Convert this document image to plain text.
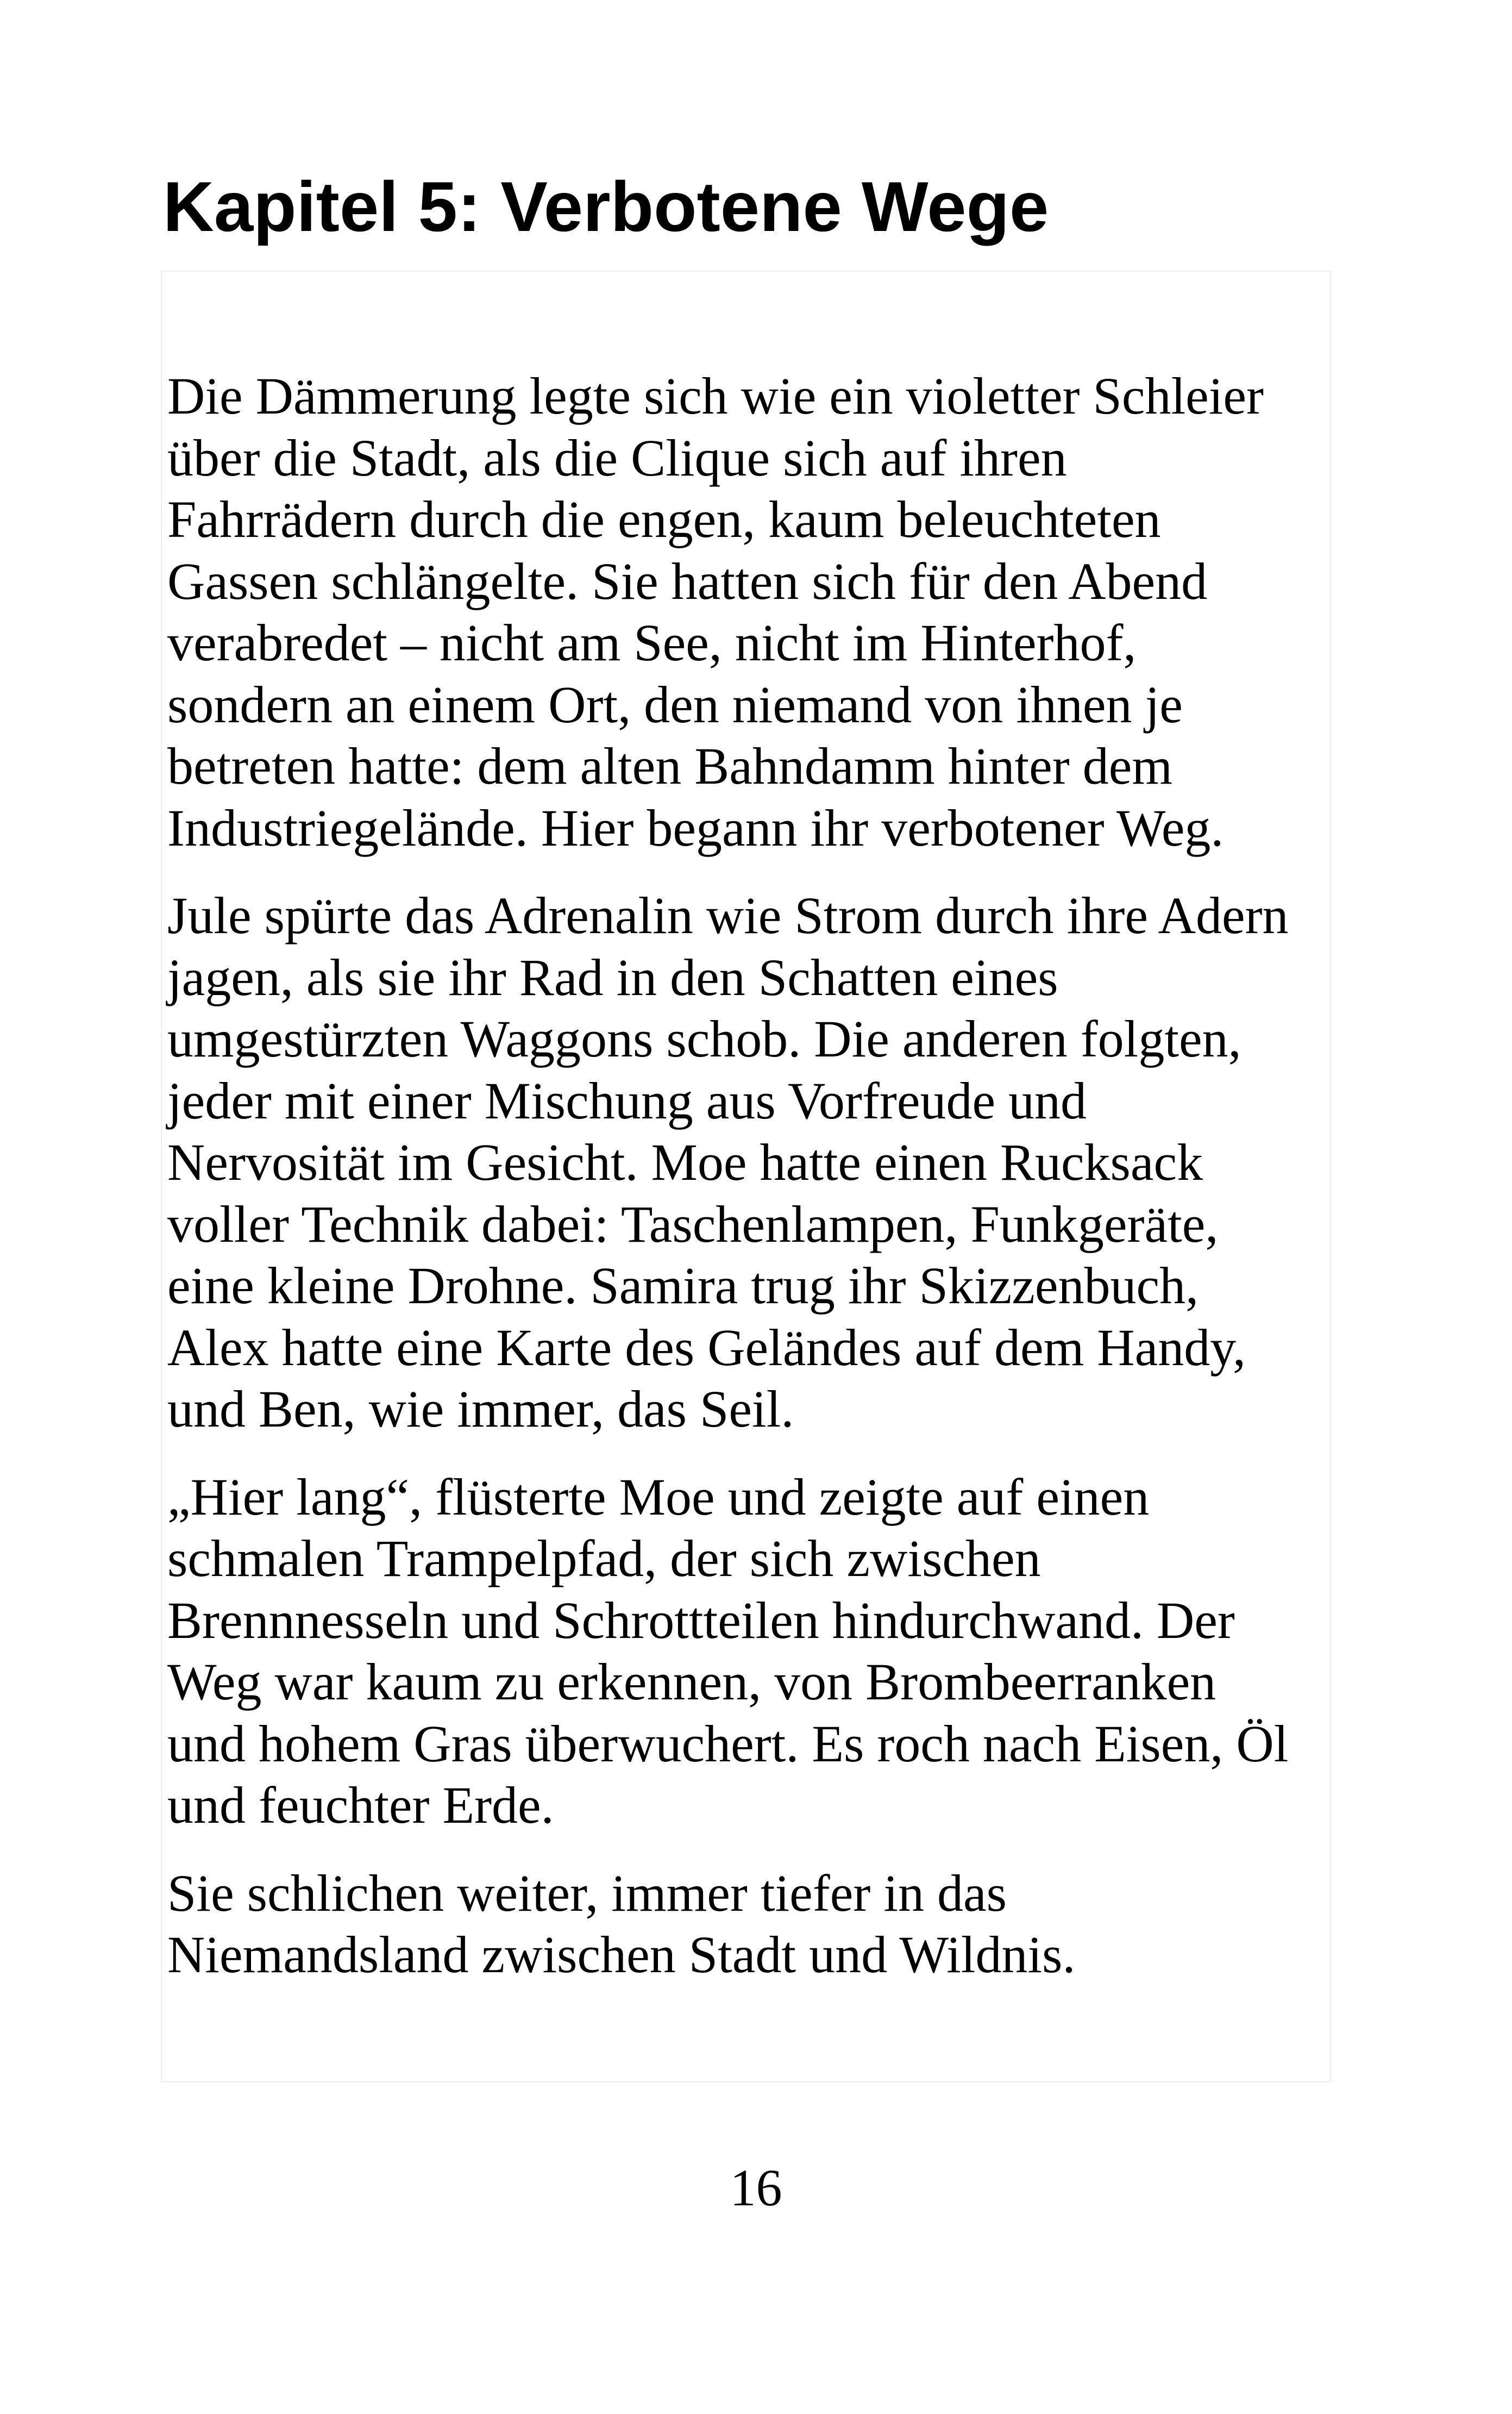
Kapitel 5: Verbotene Wege

Die Dämmerung legte sich wie ein violetter Schleier
über die Stadt, als die Clique sich auf ihren
Fahrrädern durch die engen, kaum beleuchteten
Gassen schlängelte. Sie hatten sich für den Abend
verabredet – nicht am See, nicht im Hinterhof,
sondern an einem Ort, den niemand von ihnen je
betreten hatte: dem alten Bahndamm hinter dem
Industriegelände. Hier begann ihr verbotener Weg.

Jule spürte das Adrenalin wie Strom durch ihre Adern
jagen, als sie ihr Rad in den Schatten eines
umgestürzten Waggons schob. Die anderen folgten,
jeder mit einer Mischung aus Vorfreude und
Nervosität im Gesicht. Moe hatte einen Rucksack
voller Technik dabei: Taschenlampen, Funkgeräte,
eine kleine Drohne. Samira trug ihr Skizzenbuch,
Alex hatte eine Karte des Geländes auf dem Handy,
und Ben, wie immer, das Seil.

„Hier lang“, flüsterte Moe und zeigte auf einen
schmalen Trampelpfad, der sich zwischen
Brennnesseln und Schrottteilen hindurchwand. Der
Weg war kaum zu erkennen, von Brombeerranken
und hohem Gras überwuchert. Es roch nach Eisen, Öl
und feuchter Erde.

Sie schlichen weiter, immer tiefer in das
Niemandsland zwischen Stadt und Wildnis.

16
